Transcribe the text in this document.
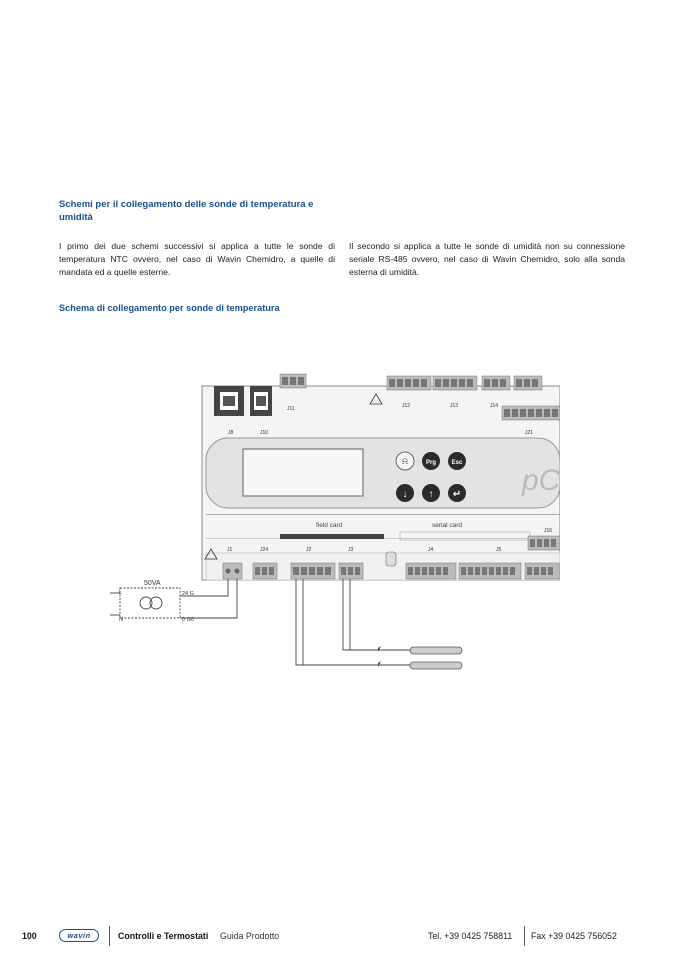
Schemi per il collegamento delle sonde di temperatura e umidità
I primo dei due schemi successivi si applica a tutte le sonde di temperatura NTC ovvero, nel caso di Wavin Chemidro, a quelle di mandata ed a quelle esterne.
Il secondo si applica a tutte le sonde di umidità non su connessione seriale RS-485 ovvero, nel caso di Wavin Chemidro, solo alla sonda esterna di umidità.
Schema di collegamento per sonde di temperatura
J8	J10
J11	J12	J13	J14
J21
⍾	Prg	Esc
↓ ↑ ↵ pC
field card	serial card
J1	J24	J2	J3	J4	J5
J16
50VA
L
N
24 G
0 G0
100	wavin	Controlli e Termostati Guida Prodotto	Tel. +39 0425 758811 Fax +39 0425 756052
